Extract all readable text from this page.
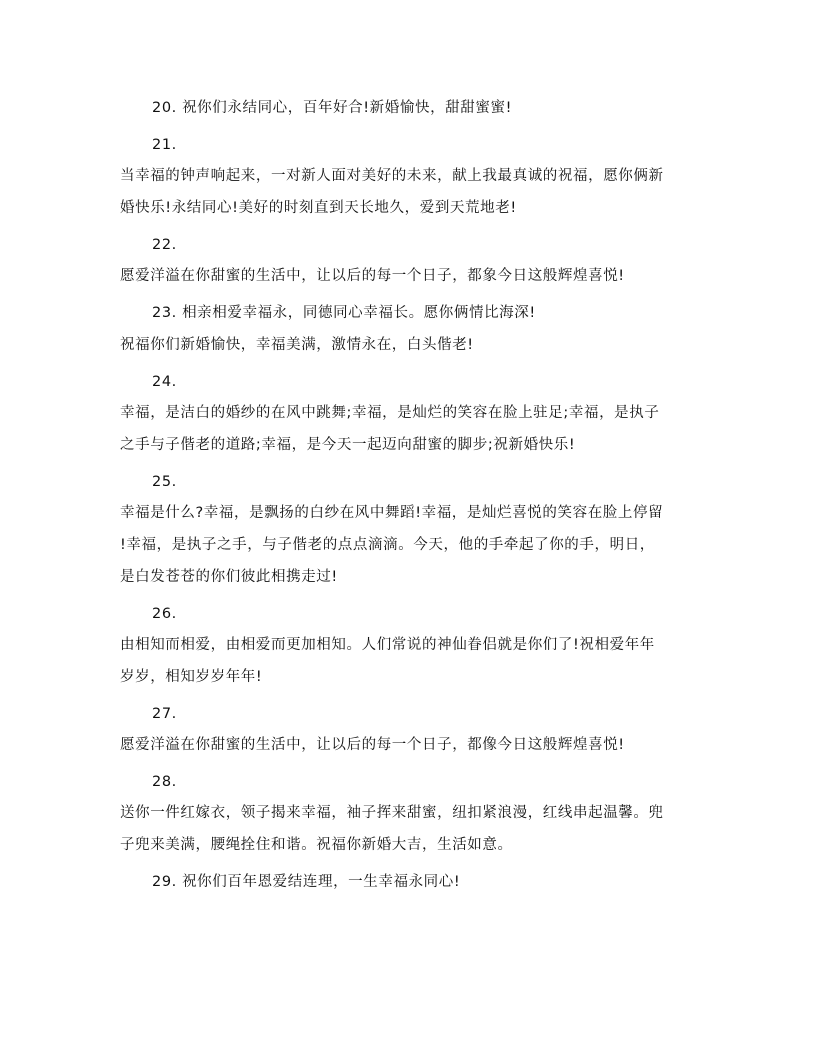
20. 祝你们永结同心，百年好合!新婚愉快，甜甜蜜蜜!
21.
当幸福的钟声响起来，一对新人面对美好的未来，献上我最真诚的祝福，愿你俩新
婚快乐!永结同心!美好的时刻直到天长地久，爱到天荒地老!
22.
愿爱洋溢在你甜蜜的生活中，让以后的每一个日子，都象今日这般辉煌喜悦!
23. 相亲相爱幸福永，同德同心幸福长。愿你俩情比海深!
祝福你们新婚愉快，幸福美满，激情永在，白头偕老!
24.
幸福，是洁白的婚纱的在风中跳舞;幸福，是灿烂的笑容在脸上驻足;幸福，是执子
之手与子偕老的道路;幸福，是今天一起迈向甜蜜的脚步;祝新婚快乐!
25.
幸福是什么?幸福，是飘扬的白纱在风中舞蹈!幸福，是灿烂喜悦的笑容在脸上停留
!幸福，是执子之手，与子偕老的点点滴滴。今天，他的手牵起了你的手，明日，
是白发苍苍的你们彼此相携走过!
26.
由相知而相爱，由相爱而更加相知。人们常说的神仙眷侣就是你们了!祝相爱年年
岁岁，相知岁岁年年!
27.
愿爱洋溢在你甜蜜的生活中，让以后的每一个日子，都像今日这般辉煌喜悦!
28.
送你一件红嫁衣，领子揭来幸福，袖子挥来甜蜜，纽扣紧浪漫，红线串起温馨。兜
子兜来美满，腰绳拴住和谐。祝福你新婚大吉，生活如意。
29. 祝你们百年恩爱结连理，一生幸福永同心!
